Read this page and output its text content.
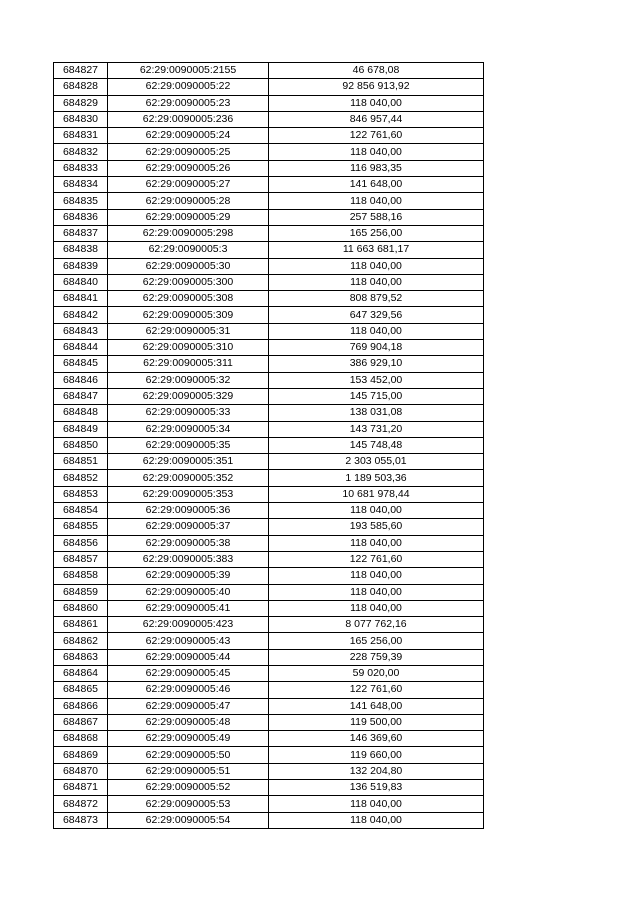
684827	62:29:0090005:2155	46 678,08
684828	62:29:0090005:22	92 856 913,92
684829	62:29:0090005:23	118 040,00
684830	62:29:0090005:236	846 957,44
684831	62:29:0090005:24	122 761,60
684832	62:29:0090005:25	118 040,00
684833	62:29:0090005:26	116 983,35
684834	62:29:0090005:27	141 648,00
684835	62:29:0090005:28	118 040,00
684836	62:29:0090005:29	257 588,16
684837	62:29:0090005:298	165 256,00
684838	62:29:0090005:3	11 663 681,17
684839	62:29:0090005:30	118 040,00
684840	62:29:0090005:300	118 040,00
684841	62:29:0090005:308	808 879,52
684842	62:29:0090005:309	647 329,56
684843	62:29:0090005:31	118 040,00
684844	62:29:0090005:310	769 904,18
684845	62:29:0090005:311	386 929,10
684846	62:29:0090005:32	153 452,00
684847	62:29:0090005:329	145 715,00
684848	62:29:0090005:33	138 031,08
684849	62:29:0090005:34	143 731,20
684850	62:29:0090005:35	145 748,48
684851	62:29:0090005:351	2 303 055,01
684852	62:29:0090005:352	1 189 503,36
684853	62:29:0090005:353	10 681 978,44
684854	62:29:0090005:36	118 040,00
684855	62:29:0090005:37	193 585,60
684856	62:29:0090005:38	118 040,00
684857	62:29:0090005:383	122 761,60
684858	62:29:0090005:39	118 040,00
684859	62:29:0090005:40	118 040,00
684860	62:29:0090005:41	118 040,00
684861	62:29:0090005:423	8 077 762,16
684862	62:29:0090005:43	165 256,00
684863	62:29:0090005:44	228 759,39
684864	62:29:0090005:45	59 020,00
684865	62:29:0090005:46	122 761,60
684866	62:29:0090005:47	141 648,00
684867	62:29:0090005:48	119 500,00
684868	62:29:0090005:49	146 369,60
684869	62:29:0090005:50	119 660,00
684870	62:29:0090005:51	132 204,80
684871	62:29:0090005:52	136 519,83
684872	62:29:0090005:53	118 040,00
684873	62:29:0090005:54	118 040,00
